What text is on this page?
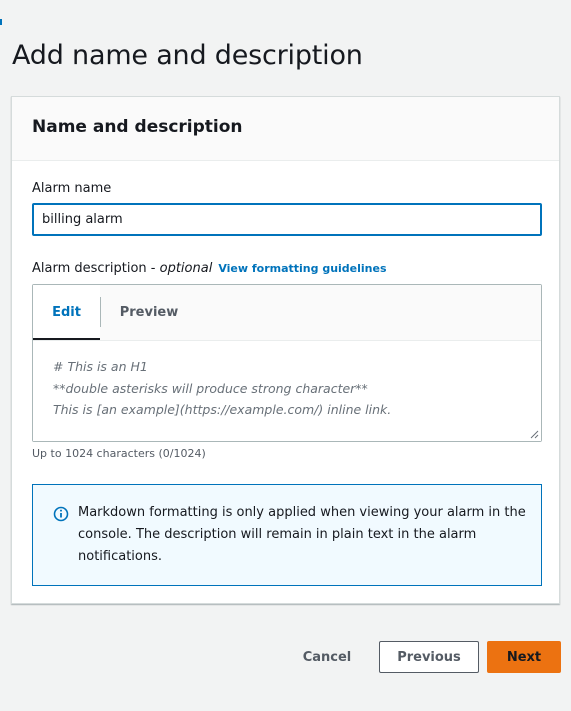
Add name and description
Name and description
Alarm name
billing alarm
Alarm description - optional View formatting guidelines
Edit	Preview
# This is an H1 **double asterisks will produce strong character** This is [an example](https://example.com/) inline link.
Up to 1024 characters (0/1024)

Markdown formatting is only applied when viewing your alarm in the console. The description will remain in plain text in the alarm notifications.

Cancel	Previous	Next
